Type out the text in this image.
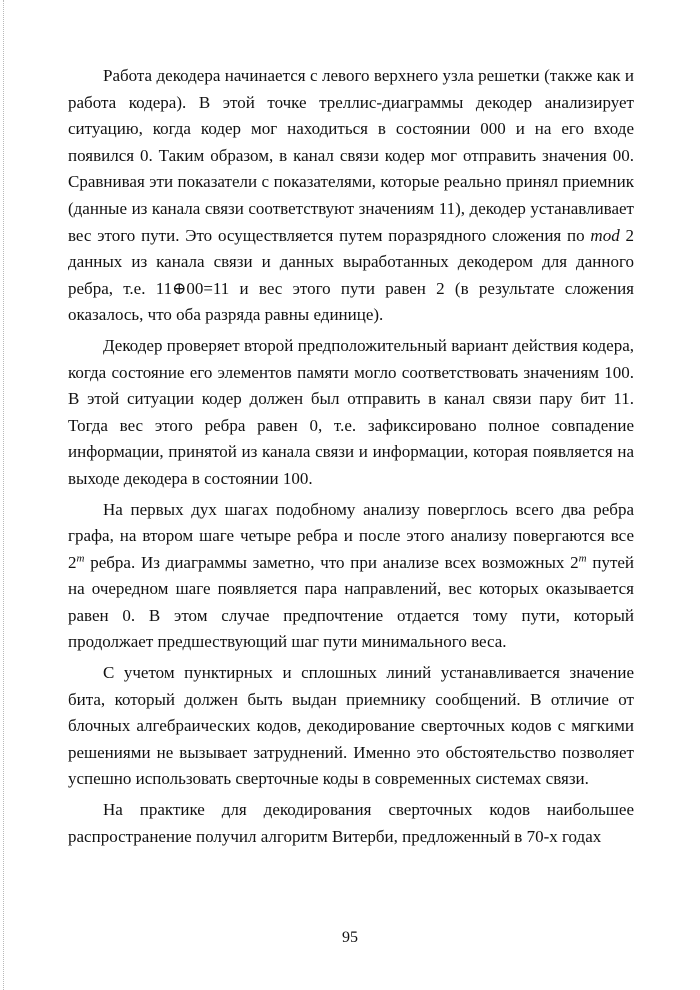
Работа декодера начинается с левого верхнего узла решетки (также как и работа кодера). В этой точке треллис-диаграммы декодер анализирует ситуацию, когда кодер мог находиться в состоянии 000 и на его входе появился 0. Таким образом, в канал связи кодер мог отправить значения 00. Сравнивая эти показатели с показателями, которые реально принял приемник (данные из канала связи соответствуют значениям 11), декодер устанавливает вес этого пути. Это осуществляется путем поразрядного сложения по mod 2 данных из канала связи и данных выработанных декодером для данного ребра, т.е. 11⊕00=11 и вес этого пути равен 2 (в результате сложения оказалось, что оба разряда равны единице).

Декодер проверяет второй предположительный вариант действия кодера, когда состояние его элементов памяти могло соответствовать значениям 100. В этой ситуации кодер должен был отправить в канал связи пару бит 11. Тогда вес этого ребра равен 0, т.е. зафиксировано полное совпадение информации, принятой из канала связи и информации, которая появляется на выходе декодера в состоянии 100.

На первых дух шагах подобному анализу поверглось всего два ребра графа, на втором шаге четыре ребра и после этого анализу повергаются все 2$^m$ ребра. Из диаграммы заметно, что при анализе всех возможных 2$^m$ путей на очередном шаге появляется пара направлений, вес которых оказывается равен 0. В этом случае предпочтение отдается тому пути, который продолжает предшествующий шаг пути минимального веса.

С учетом пунктирных и сплошных линий устанавливается значение бита, который должен быть выдан приемнику сообщений. В отличие от блочных алгебраических кодов, декодирование сверточных кодов с мягкими решениями не вызывает затруднений. Именно это обстоятельство позволяет успешно использовать сверточные коды в современных системах связи.

На практике для декодирования сверточных кодов наибольшее распространение получил алгоритм Витерби, предложенный в 70-х годах

95
